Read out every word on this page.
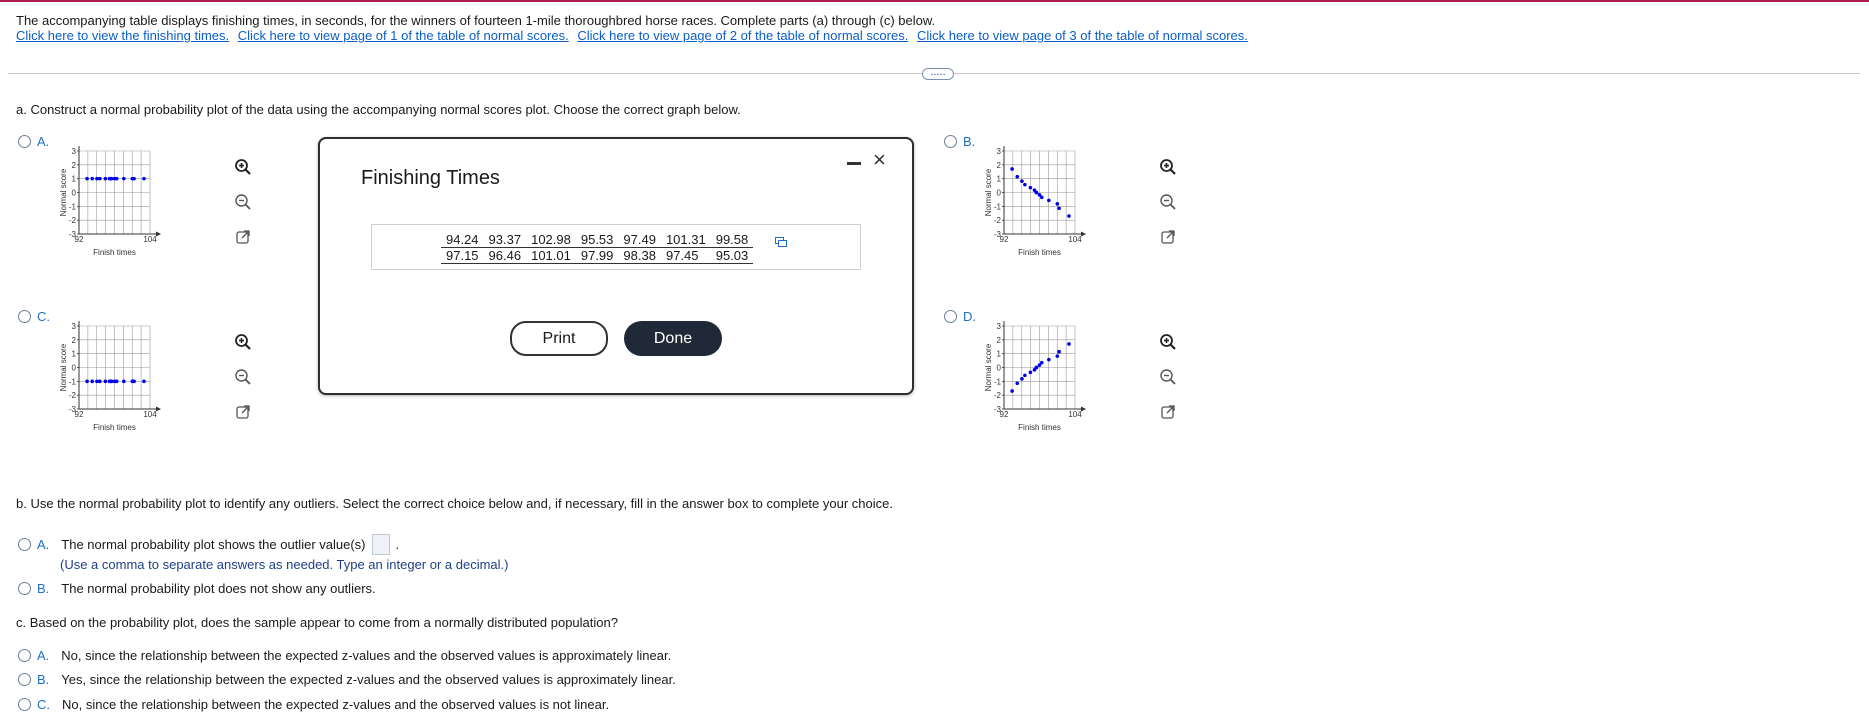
The accompanying table displays finishing times, in seconds, for the winners of fourteen 1-mile thoroughbred horse races. Complete parts (a) through (c) below.
Click here to view the finishing times. Click here to view page of 1 of the table of normal scores. Click here to view page of 2 of the table of normal scores. Click here to view page of 3 of the table of normal scores.
.....
a. Construct a normal probability plot of the data using the accompanying normal scores plot. Choose the correct graph below.
A.	B.
C.	D.
3
2
1
0
-1
-2
-3
92	104
Finish times
Normal score
3
2
1
0
-1
-2
-3
92	104
Finish times
Normal score
3
2
1
0
-1
-2
-3
92	104
Finish times
Normal score
3
2
1
0
-1
-2
-3
92	104
Finish times
Normal score
Finishing Times
×
94.24	93.37	102.98	95.53	97.49	101.31	99.58
97.15	96.46	101.01	97.99	98.38	97.45	95.03
Print	Done
b. Use the normal probability plot to identify any outliers. Select the correct choice below and, if necessary, fill in the answer box to complete your choice.
A. The normal probability plot shows the outlier value(s) .
(Use a comma to separate answers as needed. Type an integer or a decimal.)
B. The normal probability plot does not show any outliers.
c. Based on the probability plot, does the sample appear to come from a normally distributed population?
A. No, since the relationship between the expected z-values and the observed values is approximately linear.
B. Yes, since the relationship between the expected z-values and the observed values is approximately linear.
C. No, since the relationship between the expected z-values and the observed values is not linear.
